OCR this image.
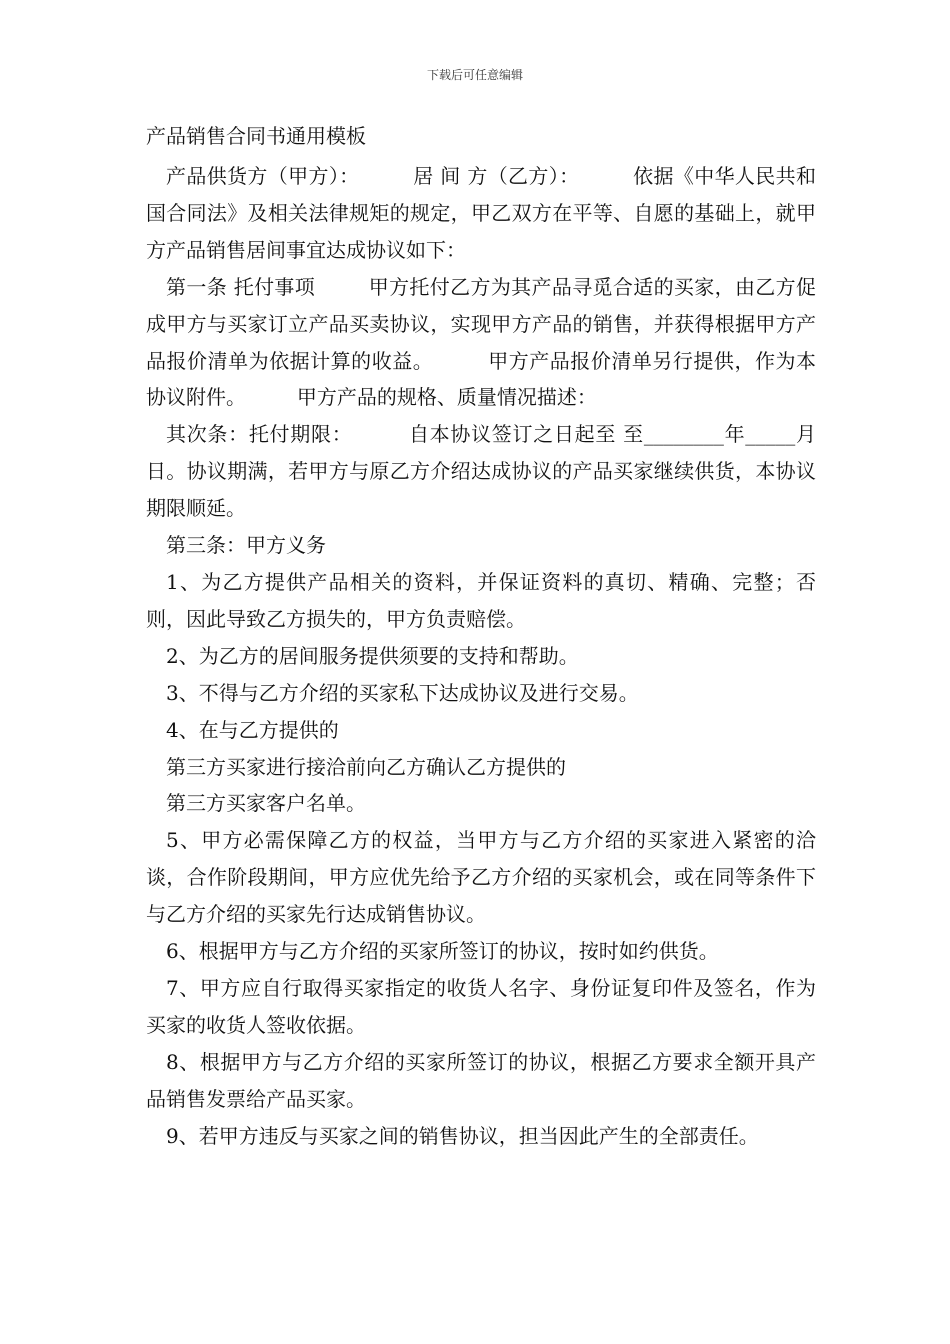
下载后可任意编辑
产品销售合同书通用模板

产品供货方（甲方）：        居 间 方（乙方）：        依据《中华人民共和国合同法》及相关法律规矩的规定，甲乙双方在平等、自愿的基础上，就甲方产品销售居间事宜达成协议如下：

第一条 托付事项        甲方托付乙方为其产品寻觅合适的买家，由乙方促成甲方与买家订立产品买卖协议，实现甲方产品的销售，并获得根据甲方产品报价清单为依据计算的收益。        甲方产品报价清单另行提供，作为本协议附件。        甲方产品的规格、质量情况描述：

其次条：托付期限：        自本协议签订之日起至 至________年_____月日。协议期满，若甲方与原乙方介绍达成协议的产品买家继续供货，本协议期限顺延。

第三条：甲方义务

1、为乙方提供产品相关的资料，并保证资料的真切、精确、完整；否则，因此导致乙方损失的，甲方负责赔偿。

2、为乙方的居间服务提供须要的支持和帮助。

3、不得与乙方介绍的买家私下达成协议及进行交易。

4、在与乙方提供的

第三方买家进行接洽前向乙方确认乙方提供的

第三方买家客户名单。

5、甲方必需保障乙方的权益，当甲方与乙方介绍的买家进入紧密的洽谈，合作阶段期间，甲方应优先给予乙方介绍的买家机会，或在同等条件下与乙方介绍的买家先行达成销售协议。

6、根据甲方与乙方介绍的买家所签订的协议，按时如约供货。

7、甲方应自行取得买家指定的收货人名字、身份证复印件及签名，作为买家的收货人签收依据。

8、根据甲方与乙方介绍的买家所签订的协议，根据乙方要求全额开具产品销售发票给产品买家。

9、若甲方违反与买家之间的销售协议，担当因此产生的全部责任。
